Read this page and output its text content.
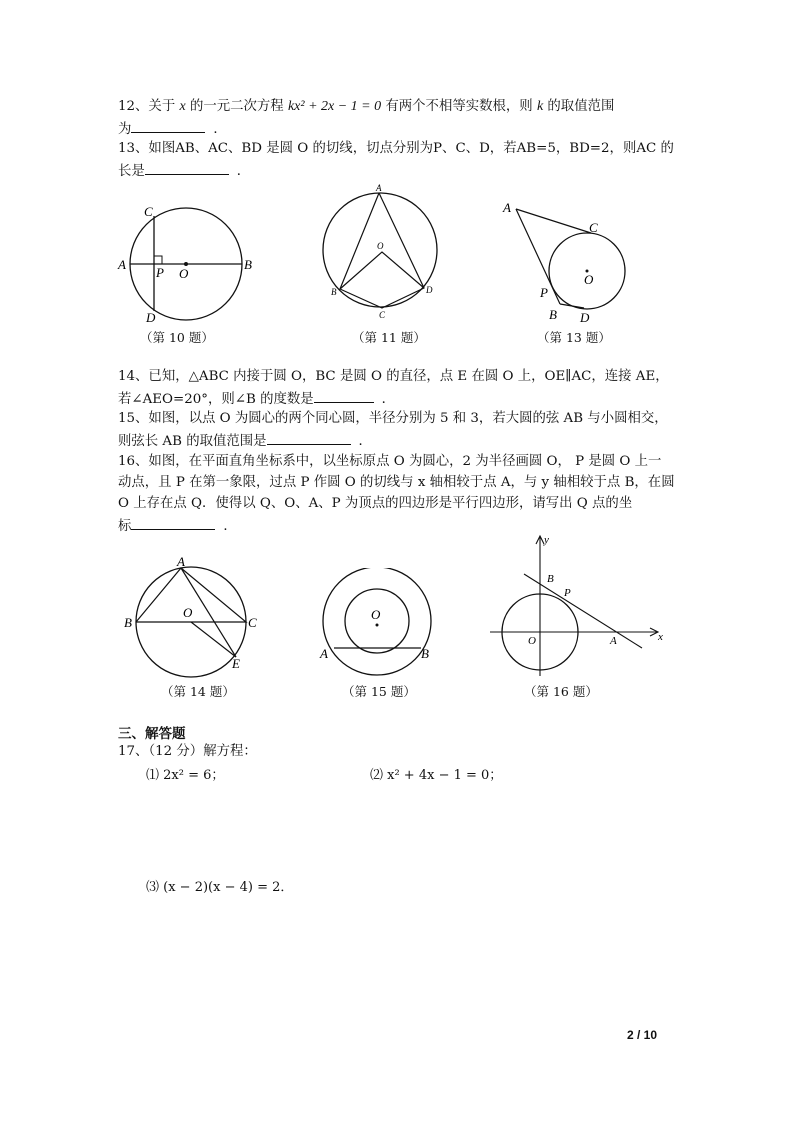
12、关于 x 的一元二次方程 kx² + 2x − 1 = 0 有两个不相等实数根，则 k 的取值范围
为	．
13、如图AB、AC、BD 是圆 O 的切线，切点分别为P、C、D，若AB=5，BD=2，则AC 的
长是	．
C
A	B
P O
D
（第 10 题）
A
O
B	D
C
（第 11 题）
A
C
O
P
B D
（第 13 题）
14、已知，△ABC 内接于圆 O，BC 是圆 O 的直径，点 E 在圆 O 上，OE∥AC，连接 AE，
若∠AEO=20°，则∠B 的度数是	．
15、如图，以点 O 为圆心的两个同心圆，半径分别为 5 和 3，若大圆的弦 AB 与小圆相交，
则弦长 AB 的取值范围是	．
16、如图，在平面直角坐标系中，以坐标原点 O 为圆心，2 为半径画圆 O， P 是圆 O 上一
动点，且 P 在第一象限，过点 P 作圆 O 的切线与 x 轴相较于点 A，与 y 轴相较于点 B，在圆
O 上存在点 Q．使得以 Q、O、A、P 为顶点的四边形是平行四边形，请写出 Q 点的坐
标	．
A
O
B	C
E
（第 14 题）
O
A	B
（第 15 题）
y
x
B
P
O	A
（第 16 题）
三、解答题
17、（12 分）解方程：
⑴ 2x² = 6；	⑵ x² + 4x − 1 = 0；
⑶ (x − 2)(x − 4) = 2．
2 / 10
